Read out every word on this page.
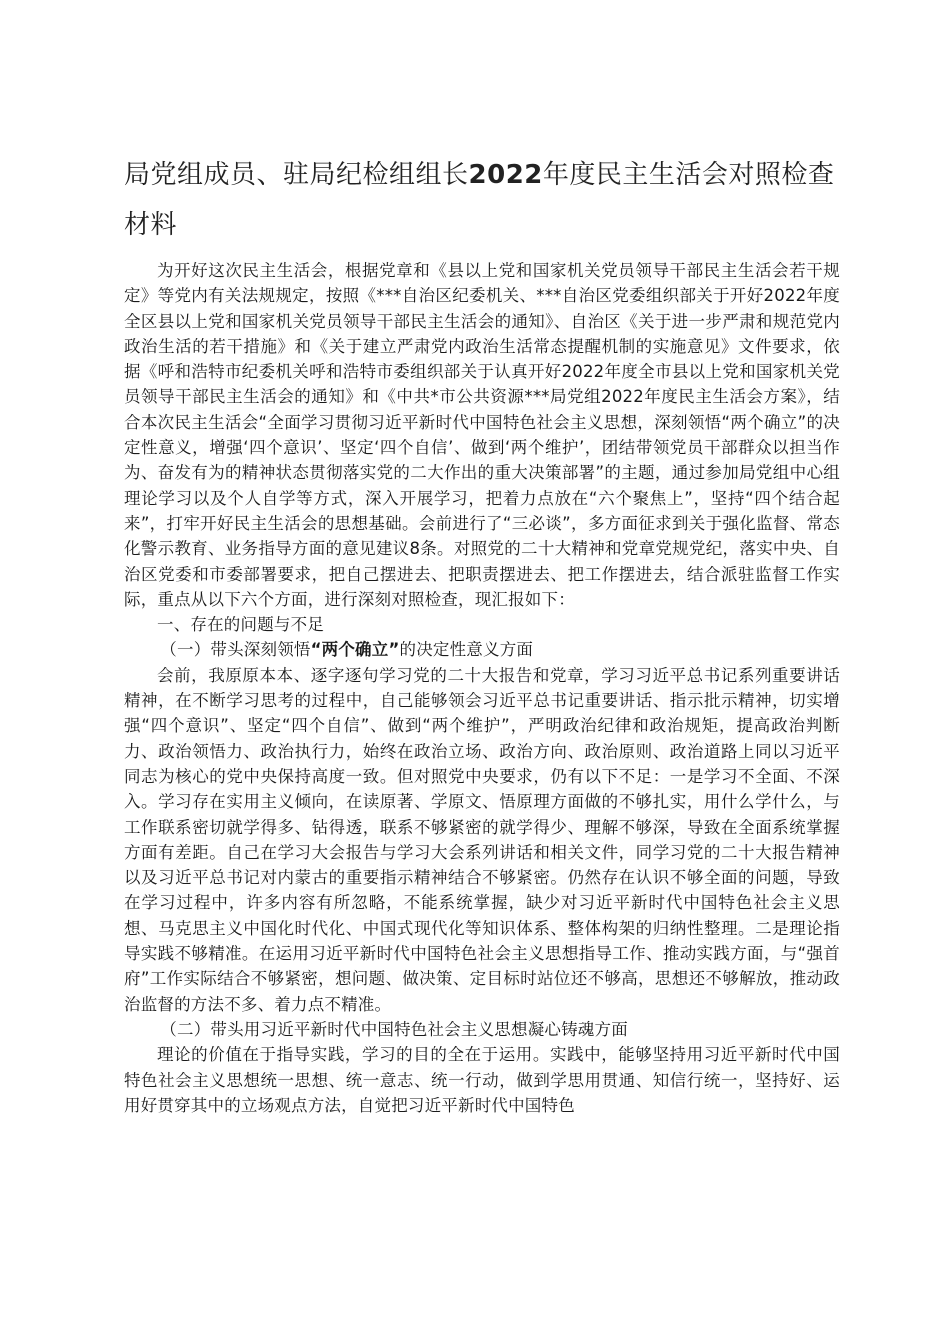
局党组成员、驻局纪检组组长2022年度民主生活会对照检查材料

为开好这次民主生活会，根据党章和《县以上党和国家机关党员领导干部民主生活会若干规定》等党内有关法规规定，按照《***自治区纪委机关、***自治区党委组织部关于开好2022年度全区县以上党和国家机关党员领导干部民主生活会的通知》、自治区《关于进一步严肃和规范党内政治生活的若干措施》和《关于建立严肃党内政治生活常态提醒机制的实施意见》文件要求，依据《呼和浩特市纪委机关呼和浩特市委组织部关于认真开好2022年度全市县以上党和国家机关党员领导干部民主生活会的通知》和《中共*市公共资源***局党组2022年度民主生活会方案》，结合本次民主生活会“全面学习贯彻习近平新时代中国特色社会主义思想，深刻领悟“两个确立”的决定性意义，增强‘四个意识’、坚定‘四个自信’、做到‘两个维护’，团结带领党员干部群众以担当作为、奋发有为的精神状态贯彻落实党的二大作出的重大决策部署”的主题，通过参加局党组中心组理论学习以及个人自学等方式，深入开展学习，把着力点放在“六个聚焦上”，坚持“四个结合起来”，打牢开好民主生活会的思想基础。会前进行了“三必谈”，多方面征求到关于强化监督、常态化警示教育、业务指导方面的意见建议8条。对照党的二十大精神和党章党规党纪，落实中央、自治区党委和市委部署要求，把自己摆进去、把职责摆进去、把工作摆进去，结合派驻监督工作实际，重点从以下六个方面，进行深刻对照检查，现汇报如下：

一、存在的问题与不足

（一）带头深刻领悟“两个确立”的决定性意义方面

会前，我原原本本、逐字逐句学习党的二十大报告和党章，学习习近平总书记系列重要讲话精神，在不断学习思考的过程中，自己能够领会习近平总书记重要讲话、指示批示精神，切实增强“四个意识”、坚定“四个自信”、做到“两个维护”，严明政治纪律和政治规矩，提高政治判断力、政治领悟力、政治执行力，始终在政治立场、政治方向、政治原则、政治道路上同以习近平同志为核心的党中央保持高度一致。但对照党中央要求，仍有以下不足：一是学习不全面、不深入。学习存在实用主义倾向，在读原著、学原文、悟原理方面做的不够扎实，用什么学什么，与工作联系密切就学得多、钻得透，联系不够紧密的就学得少、理解不够深，导致在全面系统掌握方面有差距。自己在学习大会报告与学习大会系列讲话和相关文件，同学习党的二十大报告精神以及习近平总书记对内蒙古的重要指示精神结合不够紧密。仍然存在认识不够全面的问题，导致在学习过程中，许多内容有所忽略，不能系统掌握，缺少对习近平新时代中国特色社会主义思想、马克思主义中国化时代化、中国式现代化等知识体系、整体构架的归纳性整理。二是理论指导实践不够精准。在运用习近平新时代中国特色社会主义思想指导工作、推动实践方面，与“强首府”工作实际结合不够紧密，想问题、做决策、定目标时站位还不够高，思想还不够解放，推动政治监督的方法不多、着力点不精准。

（二）带头用习近平新时代中国特色社会主义思想凝心铸魂方面

理论的价值在于指导实践，学习的目的全在于运用。实践中，能够坚持用习近平新时代中国特色社会主义思想统一思想、统一意志、统一行动，做到学思用贯通、知信行统一，坚持好、运用好贯穿其中的立场观点方法，自觉把习近平新时代中国特色
